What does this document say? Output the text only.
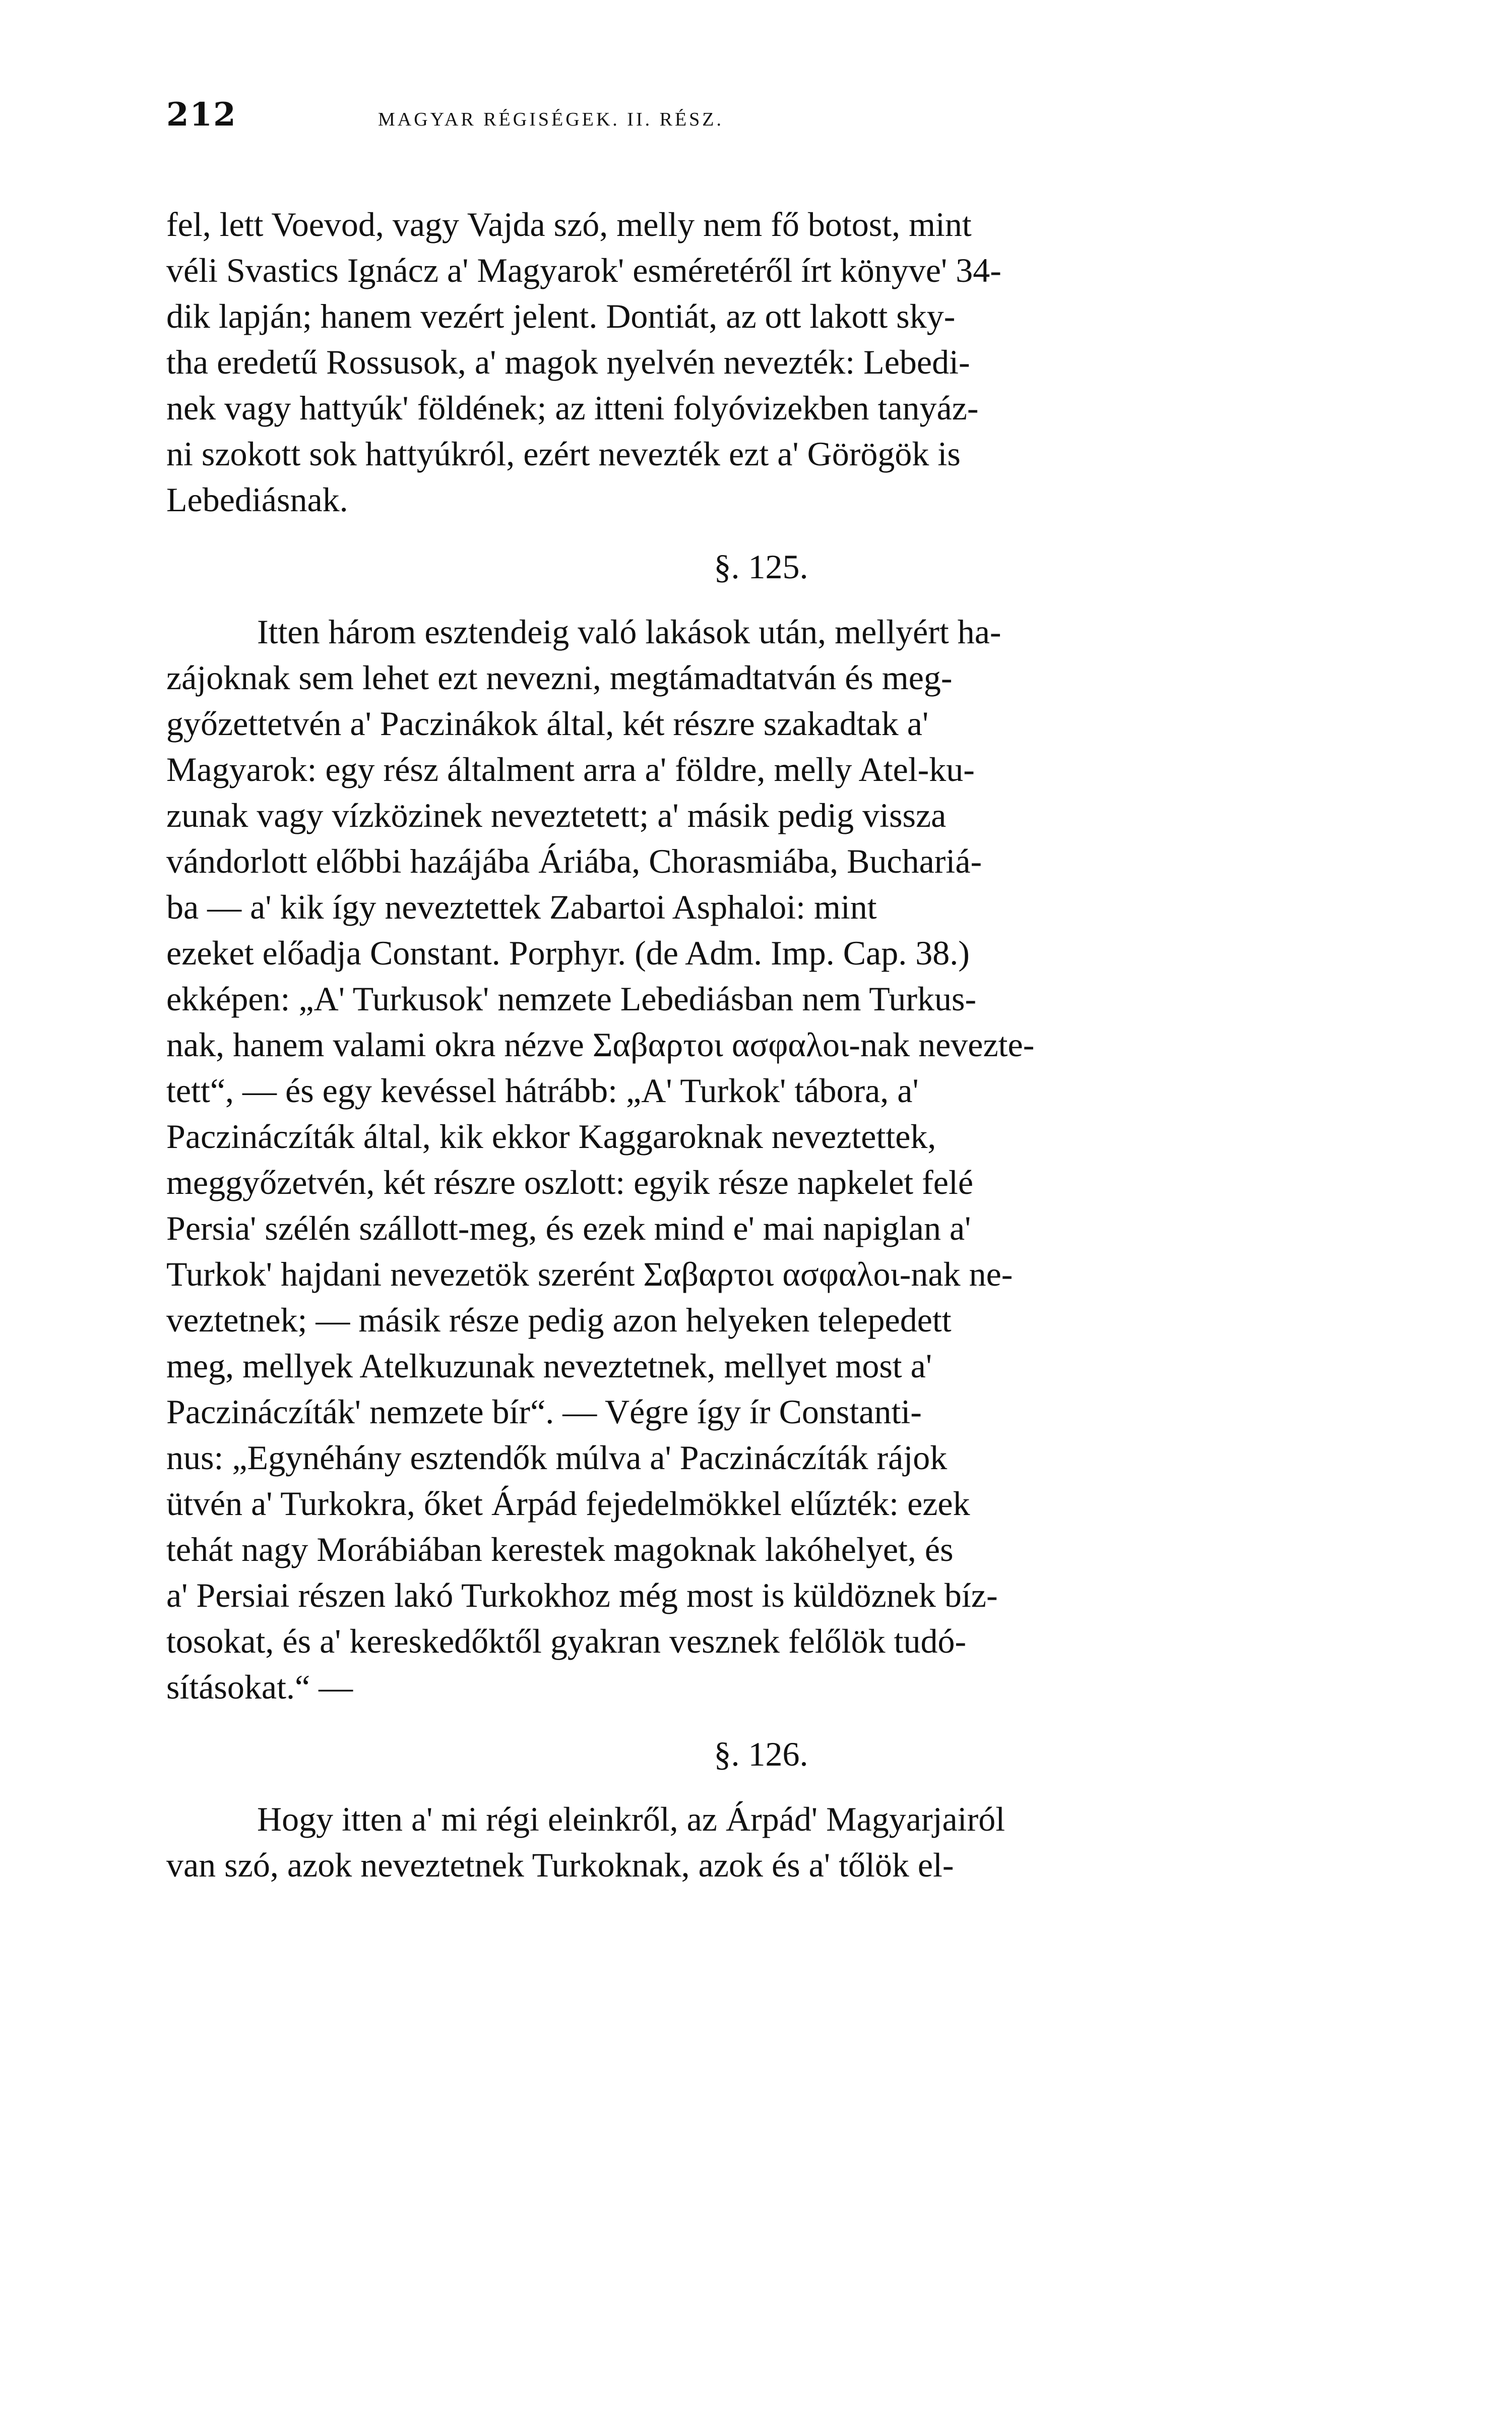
212	MAGYAR RÉGISÉGEK. II. RÉSZ.
fel, lett Voevod, vagy Vajda szó, melly nem fő botost, mint
véli Svastics Ignácz a' Magyarok' esméretéről írt könyve' 34-
dik lapján; hanem vezért jelent. Dontiát, az ott lakott sky-
tha eredetű Rossusok, a' magok nyelvén nevezték: Lebedi-
nek vagy hattyúk' földének; az itteni folyóvizekben tanyáz-
ni szokott sok hattyúkról, ezért nevezték ezt a' Görögök is
Lebediásnak.
§. 125.
Itten három esztendeig való lakások után, mellyért ha-
zájoknak sem lehet ezt nevezni, megtámadtatván és meg-
győzettetvén a' Paczinákok által, két részre szakadtak a'
Magyarok: egy rész általment arra a' földre, melly Atel-ku-
zunak vagy vízközinek neveztetett; a' másik pedig vissza
vándorlott előbbi hazájába Áriába, Chorasmiába, Buchariá-
ba — a' kik így neveztettek Zabartoi Asphaloi: mint
ezeket előadja Constant. Porphyr. (de Adm. Imp. Cap. 38.)
ekképen: „A' Turkusok' nemzete Lebediásban nem Turkus-
nak, hanem valami okra nézve Σαβαρτοι ασφαλοι-nak nevezte-
tett“, — és egy kevéssel hátrább: „A' Turkok' tábora, a'
Paczináczíták által, kik ekkor Kaggaroknak neveztettek,
meggyőzetvén, két részre oszlott: egyik része napkelet felé
Persia' szélén szállott-meg, és ezek mind e' mai napiglan a'
Turkok' hajdani nevezetök szerént Σαβαρτοι ασφαλοι-nak ne-
veztetnek; — másik része pedig azon helyeken telepedett
meg, mellyek Atelkuzunak neveztetnek, mellyet most a'
Paczináczíták' nemzete bír“. — Végre így ír Constanti-
nus: „Egynéhány esztendők múlva a' Paczináczíták rájok
ütvén a' Turkokra, őket Árpád fejedelmökkel elűzték: ezek
tehát nagy Morábiában kerestek magoknak lakóhelyet, és
a' Persiai részen lakó Turkokhoz még most is küldöznek bíz-
tosokat, és a' kereskedőktől gyakran vesznek felőlök tudó-
sításokat.“ —
§. 126.
Hogy itten a' mi régi eleinkről, az Árpád' Magyarjairól
van szó, azok neveztetnek Turkoknak, azok és a' tőlök el-
